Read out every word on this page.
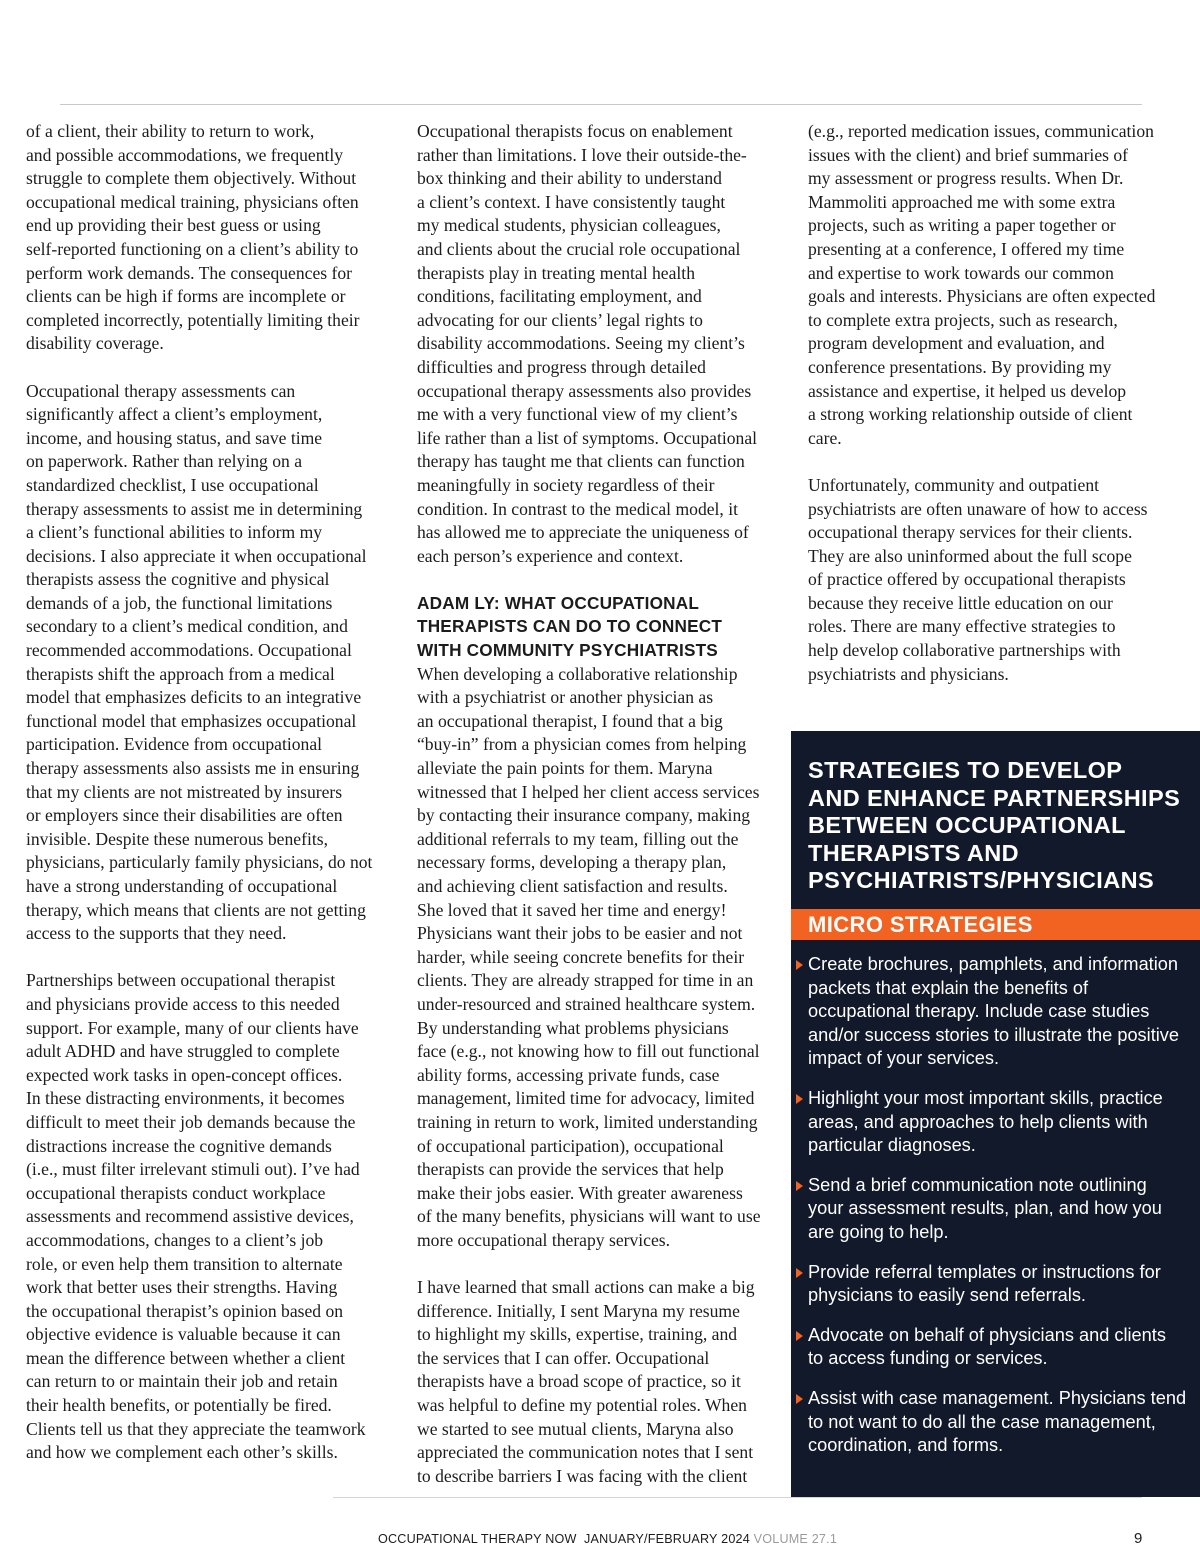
of a client, their ability to return to work,
and possible accommodations, we frequently
struggle to complete them objectively. Without
occupational medical training, physicians often
end up providing their best guess or using
self-reported functioning on a client’s ability to
perform work demands. The consequences for
clients can be high if forms are incomplete or
completed incorrectly, potentially limiting their
disability coverage.

Occupational therapy assessments can
significantly affect a client’s employment,
income, and housing status, and save time
on paperwork. Rather than relying on a
standardized checklist, I use occupational
therapy assessments to assist me in determining
a client’s functional abilities to inform my
decisions. I also appreciate it when occupational
therapists assess the cognitive and physical
demands of a job, the functional limitations
secondary to a client’s medical condition, and
recommended accommodations. Occupational
therapists shift the approach from a medical
model that emphasizes deficits to an integrative
functional model that emphasizes occupational
participation. Evidence from occupational
therapy assessments also assists me in ensuring
that my clients are not mistreated by insurers
or employers since their disabilities are often
invisible. Despite these numerous benefits,
physicians, particularly family physicians, do not
have a strong understanding of occupational
therapy, which means that clients are not getting
access to the supports that they need.

Partnerships between occupational therapist
and physicians provide access to this needed
support. For example, many of our clients have
adult ADHD and have struggled to complete
expected work tasks in open-concept offices.
In these distracting environments, it becomes
difficult to meet their job demands because the
distractions increase the cognitive demands
(i.e., must filter irrelevant stimuli out). I’ve had
occupational therapists conduct workplace
assessments and recommend assistive devices,
accommodations, changes to a client’s job
role, or even help them transition to alternate
work that better uses their strengths. Having
the occupational therapist’s opinion based on
objective evidence is valuable because it can
mean the difference between whether a client
can return to or maintain their job and retain
their health benefits, or potentially be fired.
Clients tell us that they appreciate the teamwork
and how we complement each other’s skills.

Occupational therapists focus on enablement
rather than limitations. I love their outside-the-
box thinking and their ability to understand
a client’s context. I have consistently taught
my medical students, physician colleagues,
and clients about the crucial role occupational
therapists play in treating mental health
conditions, facilitating employment, and
advocating for our clients’ legal rights to
disability accommodations. Seeing my client’s
difficulties and progress through detailed
occupational therapy assessments also provides
me with a very functional view of my client’s
life rather than a list of symptoms. Occupational
therapy has taught me that clients can function
meaningfully in society regardless of their
condition. In contrast to the medical model, it
has allowed me to appreciate the uniqueness of
each person’s experience and context.

ADAM LY: WHAT OCCUPATIONAL
THERAPISTS CAN DO TO CONNECT
WITH COMMUNITY PSYCHIATRISTS

When developing a collaborative relationship
with a psychiatrist or another physician as
an occupational therapist, I found that a big
“buy-in” from a physician comes from helping
alleviate the pain points for them. Maryna
witnessed that I helped her client access services
by contacting their insurance company, making
additional referrals to my team, filling out the
necessary forms, developing a therapy plan,
and achieving client satisfaction and results.
She loved that it saved her time and energy!
Physicians want their jobs to be easier and not
harder, while seeing concrete benefits for their
clients. They are already strapped for time in an
under-resourced and strained healthcare system.
By understanding what problems physicians
face (e.g., not knowing how to fill out functional
ability forms, accessing private funds, case
management, limited time for advocacy, limited
training in return to work, limited understanding
of occupational participation), occupational
therapists can provide the services that help
make their jobs easier. With greater awareness
of the many benefits, physicians will want to use
more occupational therapy services.

I have learned that small actions can make a big
difference. Initially, I sent Maryna my resume
to highlight my skills, expertise, training, and
the services that I can offer. Occupational
therapists have a broad scope of practice, so it
was helpful to define my potential roles. When
we started to see mutual clients, Maryna also
appreciated the communication notes that I sent
to describe barriers I was facing with the client

(e.g., reported medication issues, communication
issues with the client) and brief summaries of
my assessment or progress results. When Dr.
Mammoliti approached me with some extra
projects, such as writing a paper together or
presenting at a conference, I offered my time
and expertise to work towards our common
goals and interests. Physicians are often expected
to complete extra projects, such as research,
program development and evaluation, and
conference presentations. By providing my
assistance and expertise, it helped us develop
a strong working relationship outside of client
care.

Unfortunately, community and outpatient
psychiatrists are often unaware of how to access
occupational therapy services for their clients.
They are also uninformed about the full scope
of practice offered by occupational therapists
because they receive little education on our
roles. There are many effective strategies to
help develop collaborative partnerships with
psychiatrists and physicians.

STRATEGIES TO DEVELOP
AND ENHANCE PARTNERSHIPS
BETWEEN OCCUPATIONAL
THERAPISTS AND
PSYCHIATRISTS/PHYSICIANS
MICRO STRATEGIES
Create brochures, pamphlets, and information
packets that explain the benefits of
occupational therapy. Include case studies
and/or success stories to illustrate the positive
impact of your services.
Highlight your most important skills, practice
areas, and approaches to help clients with
particular diagnoses.
Send a brief communication note outlining
your assessment results, plan, and how you
are going to help.
Provide referral templates or instructions for
physicians to easily send referrals.
Advocate on behalf of physicians and clients
to access funding or services.
Assist with case management. Physicians tend
to not want to do all the case management,
coordination, and forms.
OCCUPATIONAL THERAPY NOW JANUARY/FEBRUARY 2024 VOLUME 27.1	9
